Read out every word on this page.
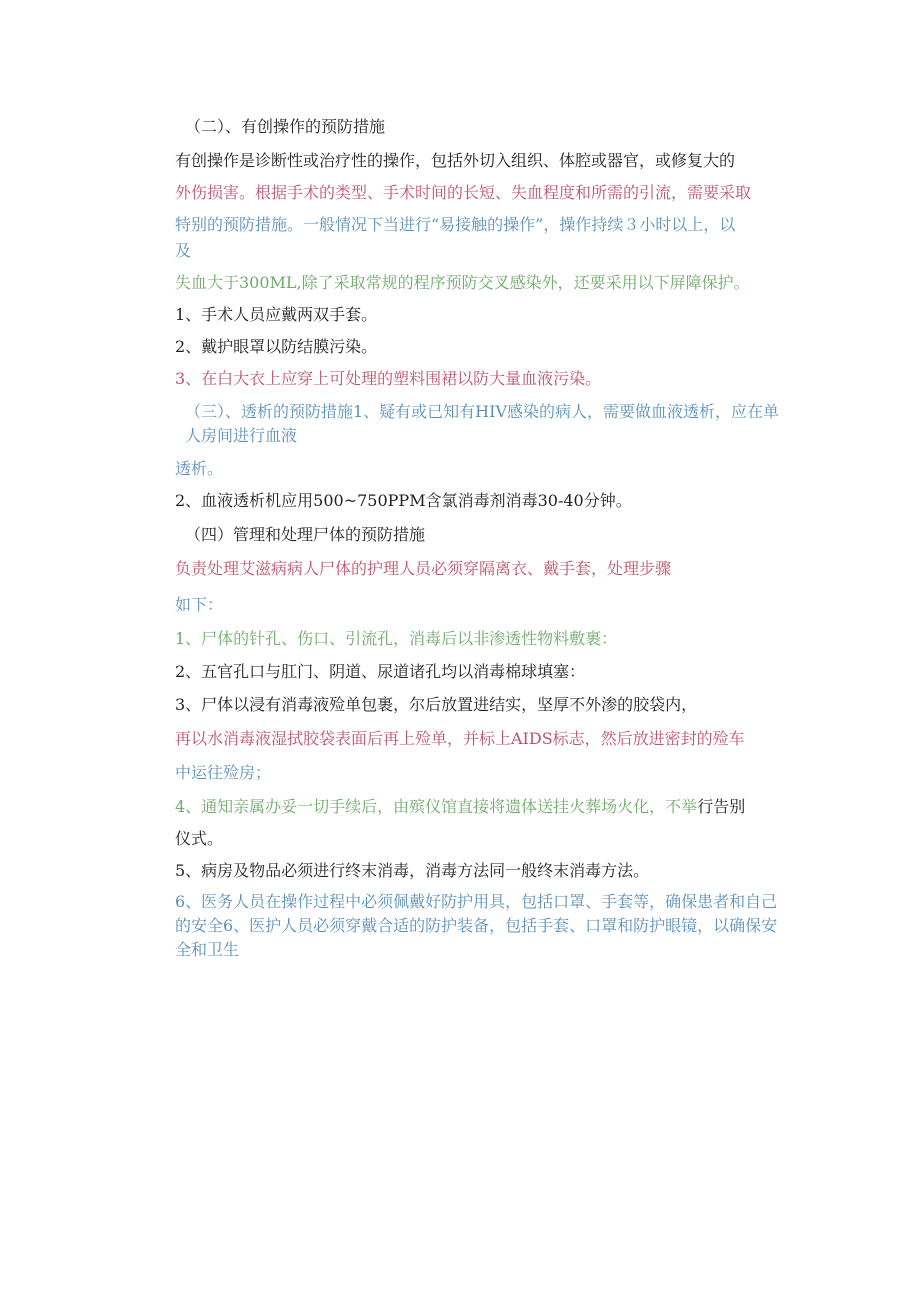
（二）、有创操作的预防措施
有创操作是诊断性或治疗性的操作，包括外切入组织、体腔或器官，或修复大的
外伤损害。根据手术的类型、手术时间的长短、失血程度和所需的引流，需要采取
特别的预防措施。一般情况下当进行“易接触的操作”，操作持续３小时以上，以
及
失血大于300ML,除了采取常规的程序预防交叉感染外，还要采用以下屏障保护。
1、手术人员应戴两双手套。
2、戴护眼罩以防结膜污染。
3、在白大衣上应穿上可处理的塑料围裙以防大量血液污染。
（三）、透析的预防措施1、疑有或已知有HIV感染的病人，需要做血液透析，应在单人房间进行血液
透析。
2、血液透析机应用500~750PPM含氯消毒剂消毒30-40分钟。
（四）管理和处理尸体的预防措施
负责处理艾滋病病人尸体的护理人员必须穿隔离衣、戴手套，处理步骤
如下：
1、尸体的针孔、伤口、引流孔，消毒后以非渗透性物料敷裹：
2、五官孔口与肛门、阴道、尿道诸孔均以消毒棉球填塞：
3、尸体以浸有消毒液殓单包裹，尔后放置进结实，坚厚不外渗的胶袋内，
再以水消毒液湿拭胶袋表面后再上殓单，并标上AIDS标志，然后放进密封的殓车
中运往殓房；
4、通知亲属办妥一切手续后，由殡仪馆直接将遗体送挂火葬场火化，不举行告别
仪式。
5、病房及物品必须进行终末消毒，消毒方法同一般终末消毒方法。
6、医务人员在操作过程中必须佩戴好防护用具，包括口罩、手套等，确保患者和自己的安全6、医护人员必须穿戴合适的防护装备，包括手套、口罩和防护眼镜，以确保安全和卫生
